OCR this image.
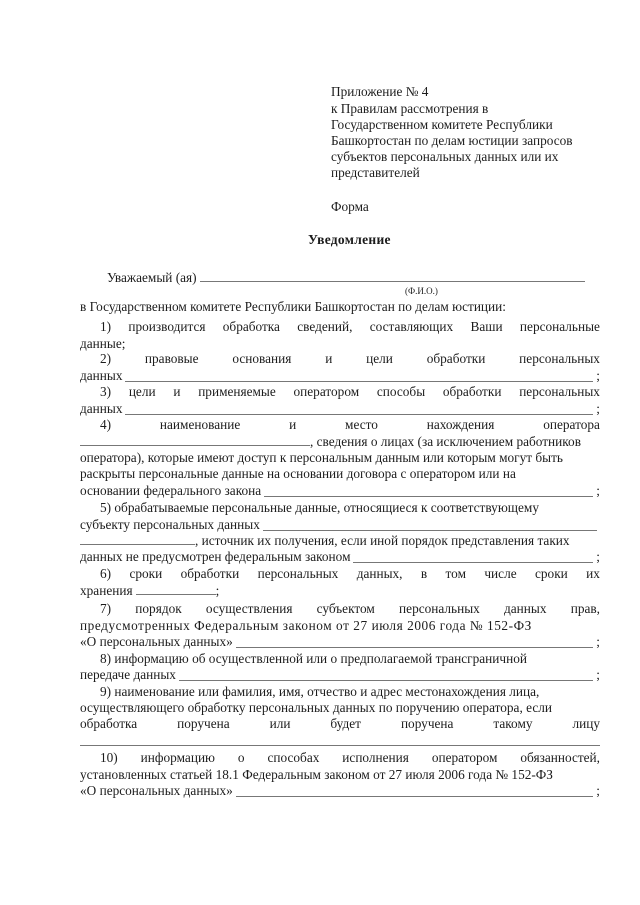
Приложение № 4
к Правилам рассмотрения в
Государственном комитете Республики
Башкортостан по делам юстиции запросов
субъектов персональных данных или их
представителей
Форма
Уведомление
Уважаемый (ая)
(Ф.И.О.)
в Государственном комитете Республики Башкортостан по делам юстиции:
1) производится обработка сведений, составляющих Ваши персональные
данные;
2)	правовые	основания	и	цели	обработки	персональных
данных	;
3) цели и применяемые оператором способы обработки персональных
данных	;
4)	наименование	и	место	нахождения	оператора
, сведения о лицах (за исключением работников
оператора), которые имеют доступ к персональным данным или которым могут быть
раскрыты персональные данные на основании договора с оператором или на
основании федерального закона	;
5) обрабатываемые персональные данные, относящиеся к соответствующему
субъекту персональных данных
, источник их получения, если иной порядок представления таких
данных не предусмотрен федеральным законом	;
6) сроки обработки персональных данных, в том числе сроки их
хранения	;
7) порядок осуществления субъектом персональных данных прав,
предусмотренных Федеральным законом от 27 июля 2006 года № 152-ФЗ
«О персональных данных»	;
8) информацию об осуществленной или о предполагаемой трансграничной
передаче данных	;
9) наименование или фамилия, имя, отчество и адрес местонахождения лица,
осуществляющего обработку персональных данных по поручению оператора, если
обработка	поручена	или	будет	поручена	такому	лицу
10) информацию о способах исполнения оператором обязанностей,
установленных статьей 18.1 Федеральным законом от 27 июля 2006 года № 152-ФЗ
«О персональных данных»	;
